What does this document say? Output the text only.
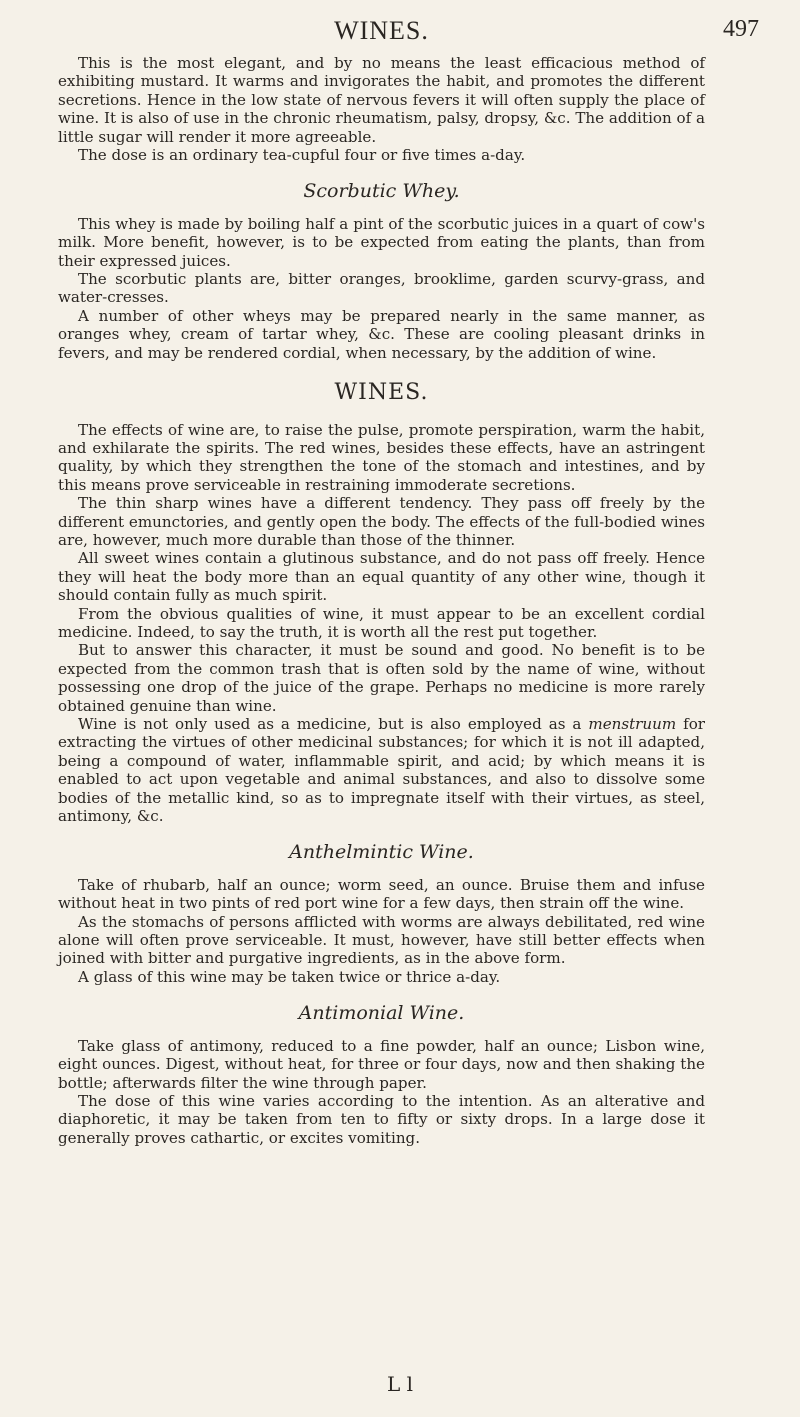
WINES.	497

This is the most elegant, and by no means the least efficacious method of exhibiting mustard. It warms and invigorates the habit, and promotes the different secretions. Hence in the low state of nervous fevers it will often supply the place of wine. It is also of use in the chronic rheumatism, palsy, dropsy, &c. The addition of a little sugar will render it more agreeable.

The dose is an ordinary tea-cupful four or five times a-day.

Scorbutic Whey.

This whey is made by boiling half a pint of the scorbutic juices in a quart of cow's milk. More benefit, however, is to be expected from eating the plants, than from their expressed juices.

The scorbutic plants are, bitter oranges, brooklime, garden scurvy-grass, and water-cresses.

A number of other wheys may be prepared nearly in the same manner, as oranges whey, cream of tartar whey, &c. These are cooling pleasant drinks in fevers, and may be rendered cordial, when necessary, by the addition of wine.

WINES.

The effects of wine are, to raise the pulse, promote perspiration, warm the habit, and exhilarate the spirits. The red wines, besides these effects, have an astringent quality, by which they strengthen the tone of the stomach and intestines, and by this means prove serviceable in restraining immoderate secretions.

The thin sharp wines have a different tendency. They pass off freely by the different emunctories, and gently open the body. The effects of the full-bodied wines are, however, much more durable than those of the thinner.

All sweet wines contain a glutinous substance, and do not pass off freely. Hence they will heat the body more than an equal quantity of any other wine, though it should contain fully as much spirit.

From the obvious qualities of wine, it must appear to be an excellent cordial medicine. Indeed, to say the truth, it is worth all the rest put together.

But to answer this character, it must be sound and good. No benefit is to be expected from the common trash that is often sold by the name of wine, without possessing one drop of the juice of the grape. Perhaps no medicine is more rarely obtained genuine than wine.

Wine is not only used as a medicine, but is also employed as a menstruum for extracting the virtues of other medicinal substances; for which it is not ill adapted, being a compound of water, inflammable spirit, and acid; by which means it is enabled to act upon vegetable and animal substances, and also to dissolve some bodies of the metallic kind, so as to impregnate itself with their virtues, as steel, antimony, &c.

Anthelmintic Wine.

Take of rhubarb, half an ounce; worm seed, an ounce. Bruise them and infuse without heat in two pints of red port wine for a few days, then strain off the wine.

As the stomachs of persons afflicted with worms are always debilitated, red wine alone will often prove serviceable. It must, however, have still better effects when joined with bitter and purgative ingredients, as in the above form.

A glass of this wine may be taken twice or thrice a-day.

Antimonial Wine.

Take glass of antimony, reduced to a fine powder, half an ounce; Lisbon wine, eight ounces. Digest, without heat, for three or four days, now and then shaking the bottle; afterwards filter the wine through paper.

The dose of this wine varies according to the intention. As an alterative and diaphoretic, it may be taken from ten to fifty or sixty drops. In a large dose it generally proves cathartic, or excites vomiting.

L l
